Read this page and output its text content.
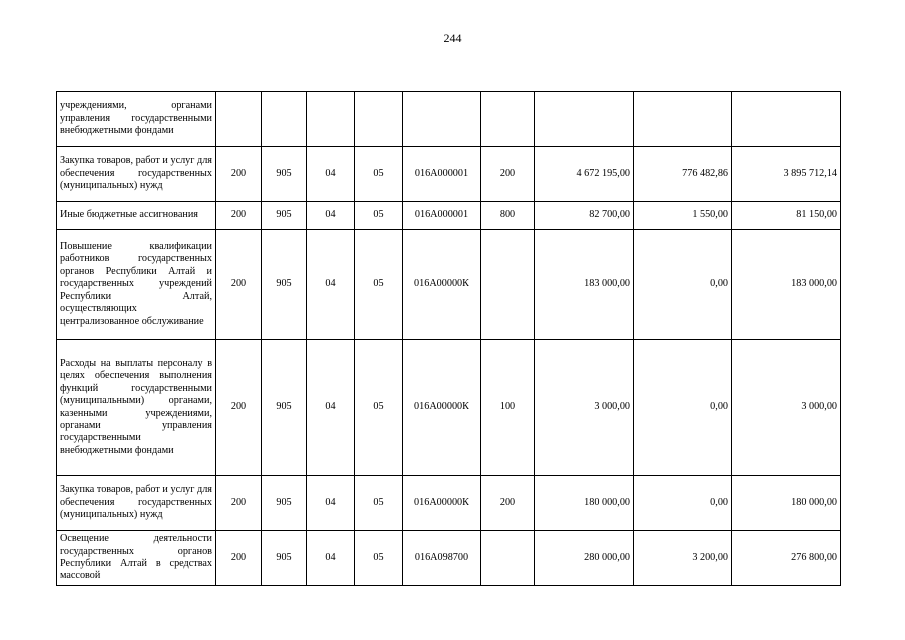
244
учреждениями, органами управления государственными внебюджетными фондами									
Закупка товаров, работ и услуг для обеспечения государственных (муниципальных) нужд	200	905	04	05	016А000001	200	4 672 195,00	776 482,86	3 895 712,14
Иные бюджетные ассигнования	200	905	04	05	016А000001	800	82 700,00	1 550,00	81 150,00
Повышение квалификации работников государственных органов Республики Алтай и государственных учреждений Республики Алтай, осуществляющих централизованное обслуживание	200	905	04	05	016А00000К		183 000,00	0,00	183 000,00
Расходы на выплаты персоналу в целях обеспечения выполнения функций государственными (муниципальными) органами, казенными учреждениями, органами управления государственными внебюджетными фондами	200	905	04	05	016А00000К	100	3 000,00	0,00	3 000,00
Закупка товаров, работ и услуг для обеспечения государственных (муниципальных) нужд	200	905	04	05	016А00000К	200	180 000,00	0,00	180 000,00
Освещение деятельности государственных органов Республики Алтай в средствах массовой	200	905	04	05	016А098700		280 000,00	3 200,00	276 800,00
